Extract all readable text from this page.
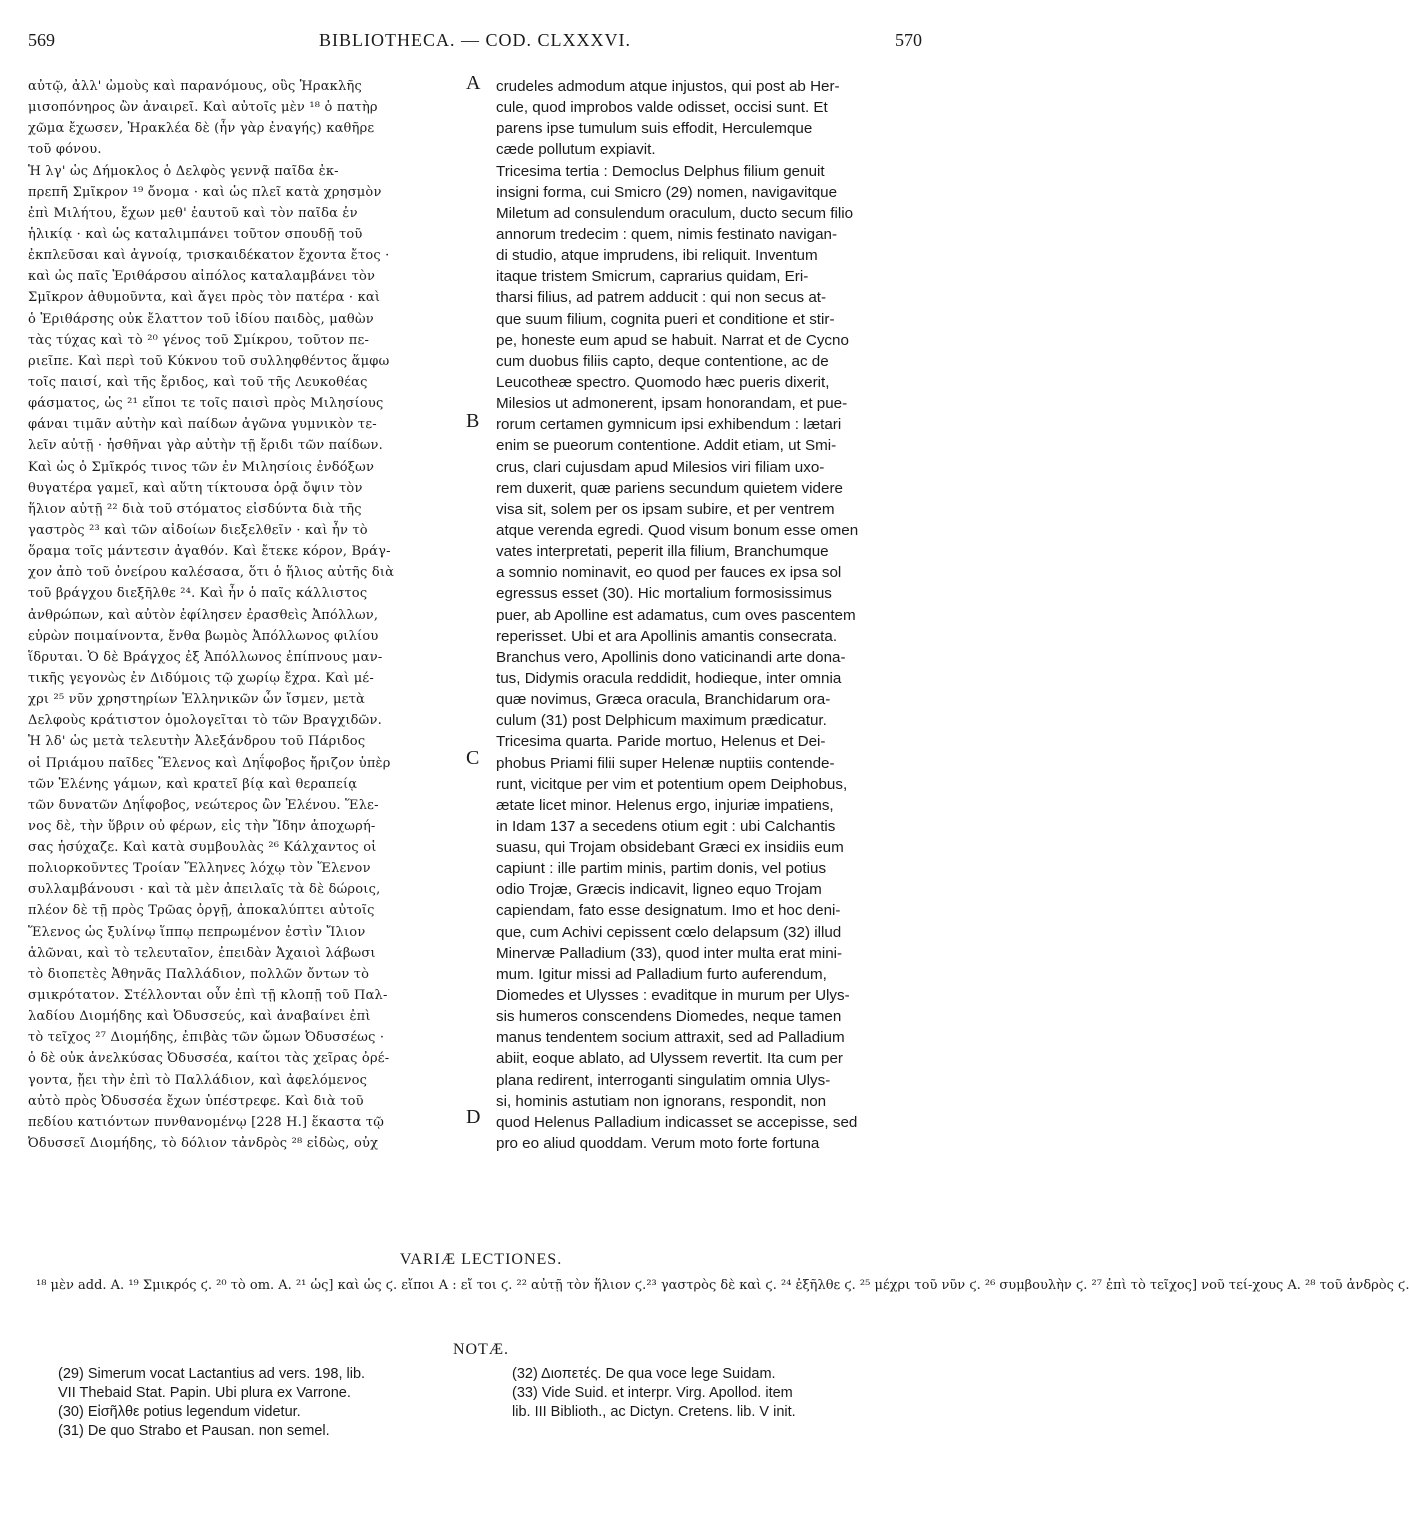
569	BIBLIOTHECA. — COD. CLXXXVI.	570
αὐτῷ, ἀλλ' ὠμοὺς καὶ παρανόμους, οὓς Ἡρακλῆς
μισοπόνηρος ὢν ἀναιρεῖ. Καὶ αὐτοῖς μὲν ¹⁸ ὁ πατὴρ
χῶμα ἔχωσεν, Ἡρακλέα δὲ (ἦν γὰρ ἐναγής) καθῆρε
τοῦ φόνου.
Ἡ λγ' ὡς Δήμοκλος ὁ Δελφὸς γεννᾷ παῖδα ἐκ-
πρεπῆ Σμῖκρον ¹⁹ ὄνομα · καὶ ὡς πλεῖ κατὰ χρησμὸν
ἐπὶ Μιλήτου, ἔχων μεθ' ἑαυτοῦ καὶ τὸν παῖδα ἐν
ἡλικίᾳ · καὶ ὡς καταλιμπάνει τοῦτον σπουδῇ τοῦ
ἐκπλεῦσαι καὶ ἀγνοίᾳ, τρισκαιδέκατον ἔχοντα ἔτος ·
καὶ ὡς παῖς Ἐριθάρσου αἰπόλος καταλαμβάνει τὸν
Σμῖκρον ἀθυμοῦντα, καὶ ἄγει πρὸς τὸν πατέρα · καὶ
ὁ Ἐριθάρσης οὐκ ἔλαττον τοῦ ἰδίου παιδὸς, μαθὼν
τὰς τύχας καὶ τὸ ²⁰ γένος τοῦ Σμίκρου, τοῦτον πε-
ριεῖπε. Καὶ περὶ τοῦ Κύκνου τοῦ συλληφθέντος ἅμφω
τοῖς παισί, καὶ τῆς ἔριδος, καὶ τοῦ τῆς Λευκοθέας
φάσματος, ὡς ²¹ εἴποι τε τοῖς παισὶ πρὸς Μιλησίους
φάναι τιμᾶν αὐτὴν καὶ παίδων ἀγῶνα γυμνικὸν τε-
λεῖν αὐτῇ · ἡσθῆναι γὰρ αὐτὴν τῇ ἔριδι τῶν παίδων.
Καὶ ὡς ὁ Σμῖκρός τινος τῶν ἐν Μιλησίοις ἐνδόξων
θυγατέρα γαμεῖ, καὶ αὕτη τίκτουσα ὁρᾷ ὄψιν τὸν
ἥλιον αὐτῇ ²² διὰ τοῦ στόματος εἰσδύντα διὰ τῆς
γαστρὸς ²³ καὶ τῶν αἰδοίων διεξελθεῖν · καὶ ἦν τὸ
ὅραμα τοῖς μάντεσιν ἀγαθόν. Καὶ ἔτεκε κόρον, Βράγ-
χον ἀπὸ τοῦ ὀνείρου καλέσασα, ὅτι ὁ ἥλιος αὐτῆς διὰ
τοῦ βράγχου διεξῆλθε ²⁴. Καὶ ἦν ὁ παῖς κάλλιστος
ἀνθρώπων, καὶ αὐτὸν ἐφίλησεν ἐρασθεὶς Ἀπόλλων,
εὑρὼν ποιμαίνοντα, ἔνθα βωμὸς Ἀπόλλωνος φιλίου
ἵδρυται. Ὁ δὲ Βράγχος ἐξ Ἀπόλλωνος ἐπίπνους μαν-
τικῆς γεγονὼς ἐν Διδύμοις τῷ χωρίῳ ἔχρα. Καὶ μέ-
χρι ²⁵ νῦν χρηστηρίων Ἑλληνικῶν ὧν ἴσμεν, μετὰ
Δελφοὺς κράτιστον ὁμολογεῖται τὸ τῶν Βραγχιδῶν.
Ἡ λδ' ὡς μετὰ τελευτὴν Ἀλεξάνδρου τοῦ Πάριδος
οἱ Πριάμου παῖδες Ἕλενος καὶ Δηΐφοβος ἤριζον ὑπὲρ
τῶν Ἑλένης γάμων, καὶ κρατεῖ βίᾳ καὶ θεραπείᾳ
τῶν δυνατῶν Δηΐφοβος, νεώτερος ὢν Ἑλένου. Ἕλε-
νος δὲ, τὴν ὕβριν οὐ φέρων, εἰς τὴν Ἴδην ἀποχωρή-
σας ἡσύχαζε. Καὶ κατὰ συμβουλὰς ²⁶ Κάλχαντος οἱ
πολιορκοῦντες Τροίαν Ἕλληνες λόχῳ τὸν Ἕλενον
συλλαμβάνουσι · καὶ τὰ μὲν ἀπειλαῖς τὰ δὲ δώροις,
πλέον δὲ τῇ πρὸς Τρῶας ὀργῇ, ἀποκαλύπτει αὐτοῖς
Ἕλενος ὡς ξυλίνῳ ἵππῳ πεπρωμένον ἐστὶν Ἴλιον
ἁλῶναι, καὶ τὸ τελευταῖον, ἐπειδὰν Ἀχαιοὶ λάβωσι
τὸ διοπετὲς Ἀθηνᾶς Παλλάδιον, πολλῶν ὄντων τὸ
σμικρότατον. Στέλλονται οὖν ἐπὶ τῇ κλοπῇ τοῦ Παλ-
λαδίου Διομήδης καὶ Ὀδυσσεύς, καὶ ἀναβαίνει ἐπὶ
τὸ τεῖχος ²⁷ Διομήδης, ἐπιβὰς τῶν ὤμων Ὀδυσσέως ·
ὁ δὲ οὐκ ἀνελκύσας Ὀδυσσέα, καίτοι τὰς χεῖρας ὀρέ-
γοντα, ᾔει τὴν ἐπὶ τὸ Παλλάδιον, καὶ ἀφελόμενος
αὐτὸ πρὸς Ὀδυσσέα ἔχων ὑπέστρεφε. Καὶ διὰ τοῦ
πεδίου κατιόντων πυνθανομένῳ [228 H.] ἕκαστα τῷ
Ὀδυσσεῖ Διομήδης, τὸ δόλιον τἀνδρὸς ²⁸ εἰδὼς, οὐχ
crudeles admodum atque injustos, qui post ab Her-
cule, quod improbos valde odisset, occisi sunt. Et
parens ipse tumulum suis effodit, Herculemque
cæde pollutum expiavit.
Tricesima tertia : Democlus Delphus filium genuit
insigni forma, cui Smicro (29) nomen, navigavitque
Miletum ad consulendum oraculum, ducto secum filio
annorum tredecim : quem, nimis festinato navigan-
di studio, atque imprudens, ibi reliquit. Inventum
itaque tristem Smicrum, caprarius quidam, Eri-
tharsi filius, ad patrem adducit : qui non secus at-
que suum filium, cognita pueri et conditione et stir-
pe, honeste eum apud se habuit. Narrat et de Cycno
cum duobus filiis capto, deque contentione, ac de
Leucotheæ spectro. Quomodo hæc pueris dixerit,
Milesios ut admonerent, ipsam honorandam, et pue-
rorum certamen gymnicum ipsi exhibendum : lætari
enim se pueorum contentione. Addit etiam, ut Smi-
crus, clari cujusdam apud Milesios viri filiam uxo-
rem duxerit, quæ pariens secundum quietem videre
visa sit, solem per os ipsam subire, et per ventrem
atque verenda egredi. Quod visum bonum esse omen
vates interpretati, peperit illa filium, Branchumque
a somnio nominavit, eo quod per fauces ex ipsa sol
egressus esset (30). Hic mortalium formosissimus
puer, ab Apolline est adamatus, cum oves pascentem
reperisset. Ubi et ara Apollinis amantis consecrata.
Branchus vero, Apollinis dono vaticinandi arte dona-
tus, Didymis oracula reddidit, hodieque, inter omnia
quæ novimus, Græca oracula, Branchidarum ora-
culum (31) post Delphicum maximum prædicatur.
Tricesima quarta. Paride mortuo, Helenus et Dei-
phobus Priami filii super Helenæ nuptiis contende-
runt, vicitque per vim et potentium opem Deiphobus,
ætate licet minor. Helenus ergo, injuriæ impatiens,
in Idam 137 a secedens otium egit : ubi Calchantis
suasu, qui Trojam obsidebant Græci ex insidiis eum
capiunt : ille partim minis, partim donis, vel potius
odio Trojæ, Græcis indicavit, ligneo equo Trojam
capiendam, fato esse designatum. Imo et hoc deni-
que, cum Achivi cepissent cœlo delapsum (32) illud
Minervæ Palladium (33), quod inter multa erat mini-
mum. Igitur missi ad Palladium furto auferendum,
Diomedes et Ulysses : evaditque in murum per Ulys-
sis humeros conscendens Diomedes, neque tamen
manus tendentem socium attraxit, sed ad Palladium
abiit, eoque ablato, ad Ulyssem revertit. Ita cum per
plana redirent, interroganti singulatim omnia Ulys-
si, hominis astutiam non ignorans, respondit, non
quod Helenus Palladium indicasset se accepisse, sed
pro eo aliud quoddam. Verum moto forte fortuna
A
B
C
D
VARIÆ LECTIONES.
¹⁸ μὲν add. A. ¹⁹ Σμικρός ϛ. ²⁰ τὸ om. A. ²¹ ὡς] καὶ ὡς ϛ. εἴποι A : εἴ τοι ϛ. ²² αὐτῇ τὸν ἥλιον ϛ.²³ γαστρὸς δὲ καὶ ϛ. ²⁴ ἐξῆλθε ϛ. ²⁵ μέχρι τοῦ νῦν ϛ. ²⁶ συμβουλὴν ϛ. ²⁷ ἐπὶ τὸ τεῖχος] νοῦ τεί-χους A. ²⁸ τοῦ ἀνδρὸς ϛ.
NOTÆ.
(29) Simerum vocat Lactantius ad vers. 198, lib.
VII Thebaid Stat. Papin. Ubi plura ex Varrone.
(30) Εἰσῆλθε potius legendum videtur.
(31) De quo Strabo et Pausan. non semel.
(32) Διοπετές. De qua voce lege Suidam.
(33) Vide Suid. et interpr. Virg. Apollod. item
lib. III Biblioth., ac Dictyn. Cretens. lib. V init.
